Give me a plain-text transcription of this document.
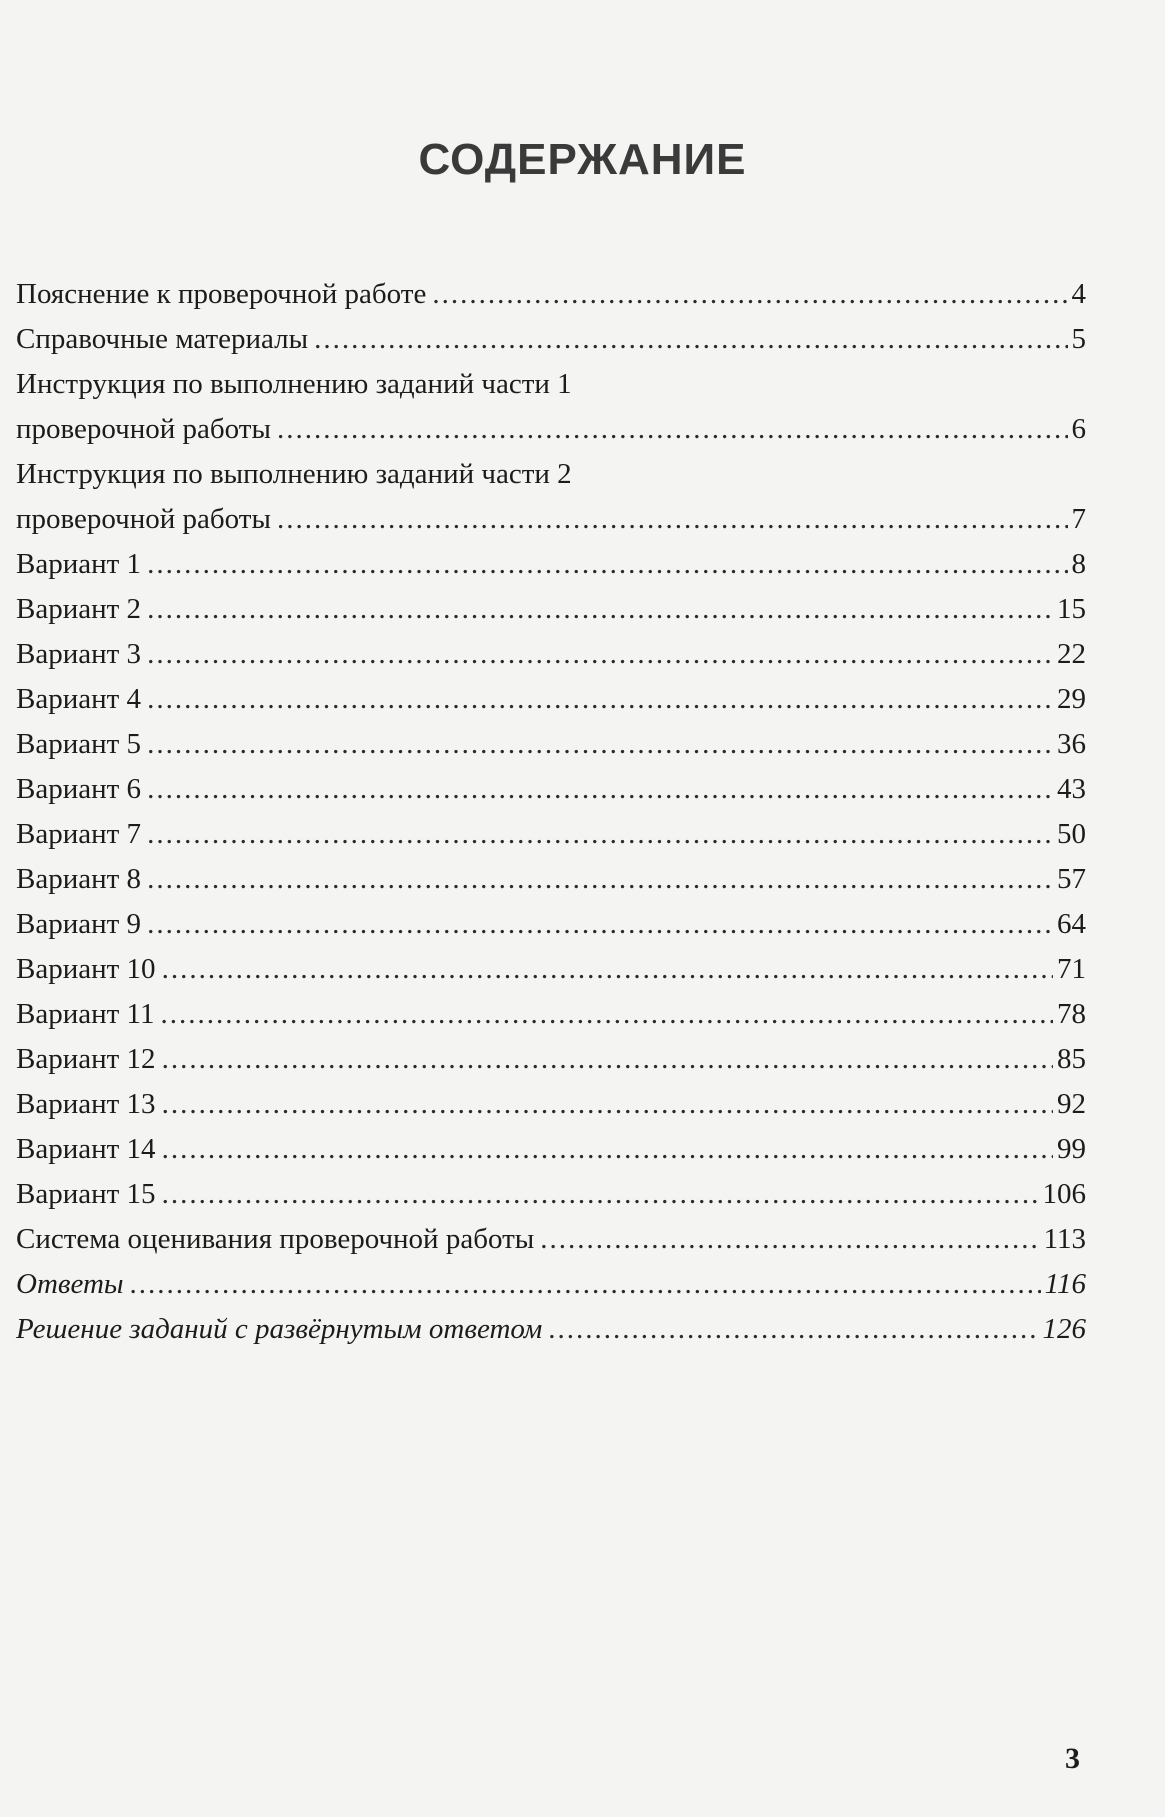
СОДЕРЖАНИЕ
Пояснение к проверочной работе .....	4
Справочные материалы .....	5
Инструкция по выполнению заданий части 1
проверочной работы .....	6
Инструкция по выполнению заданий части 2
проверочной работы .....	7
Вариант 1 .....	8
Вариант 2 .....	15
Вариант 3 .....	22
Вариант 4 .....	29
Вариант 5 .....	36
Вариант 6 .....	43
Вариант 7 .....	50
Вариант 8 .....	57
Вариант 9 .....	64
Вариант 10 .....	71
Вариант 11 .....	78
Вариант 12 .....	85
Вариант 13 .....	92
Вариант 14 .....	99
Вариант 15 .....	106
Система оценивания проверочной работы .....	113
Ответы .....	116
Решение заданий с развёрнутым ответом .....	126
3
